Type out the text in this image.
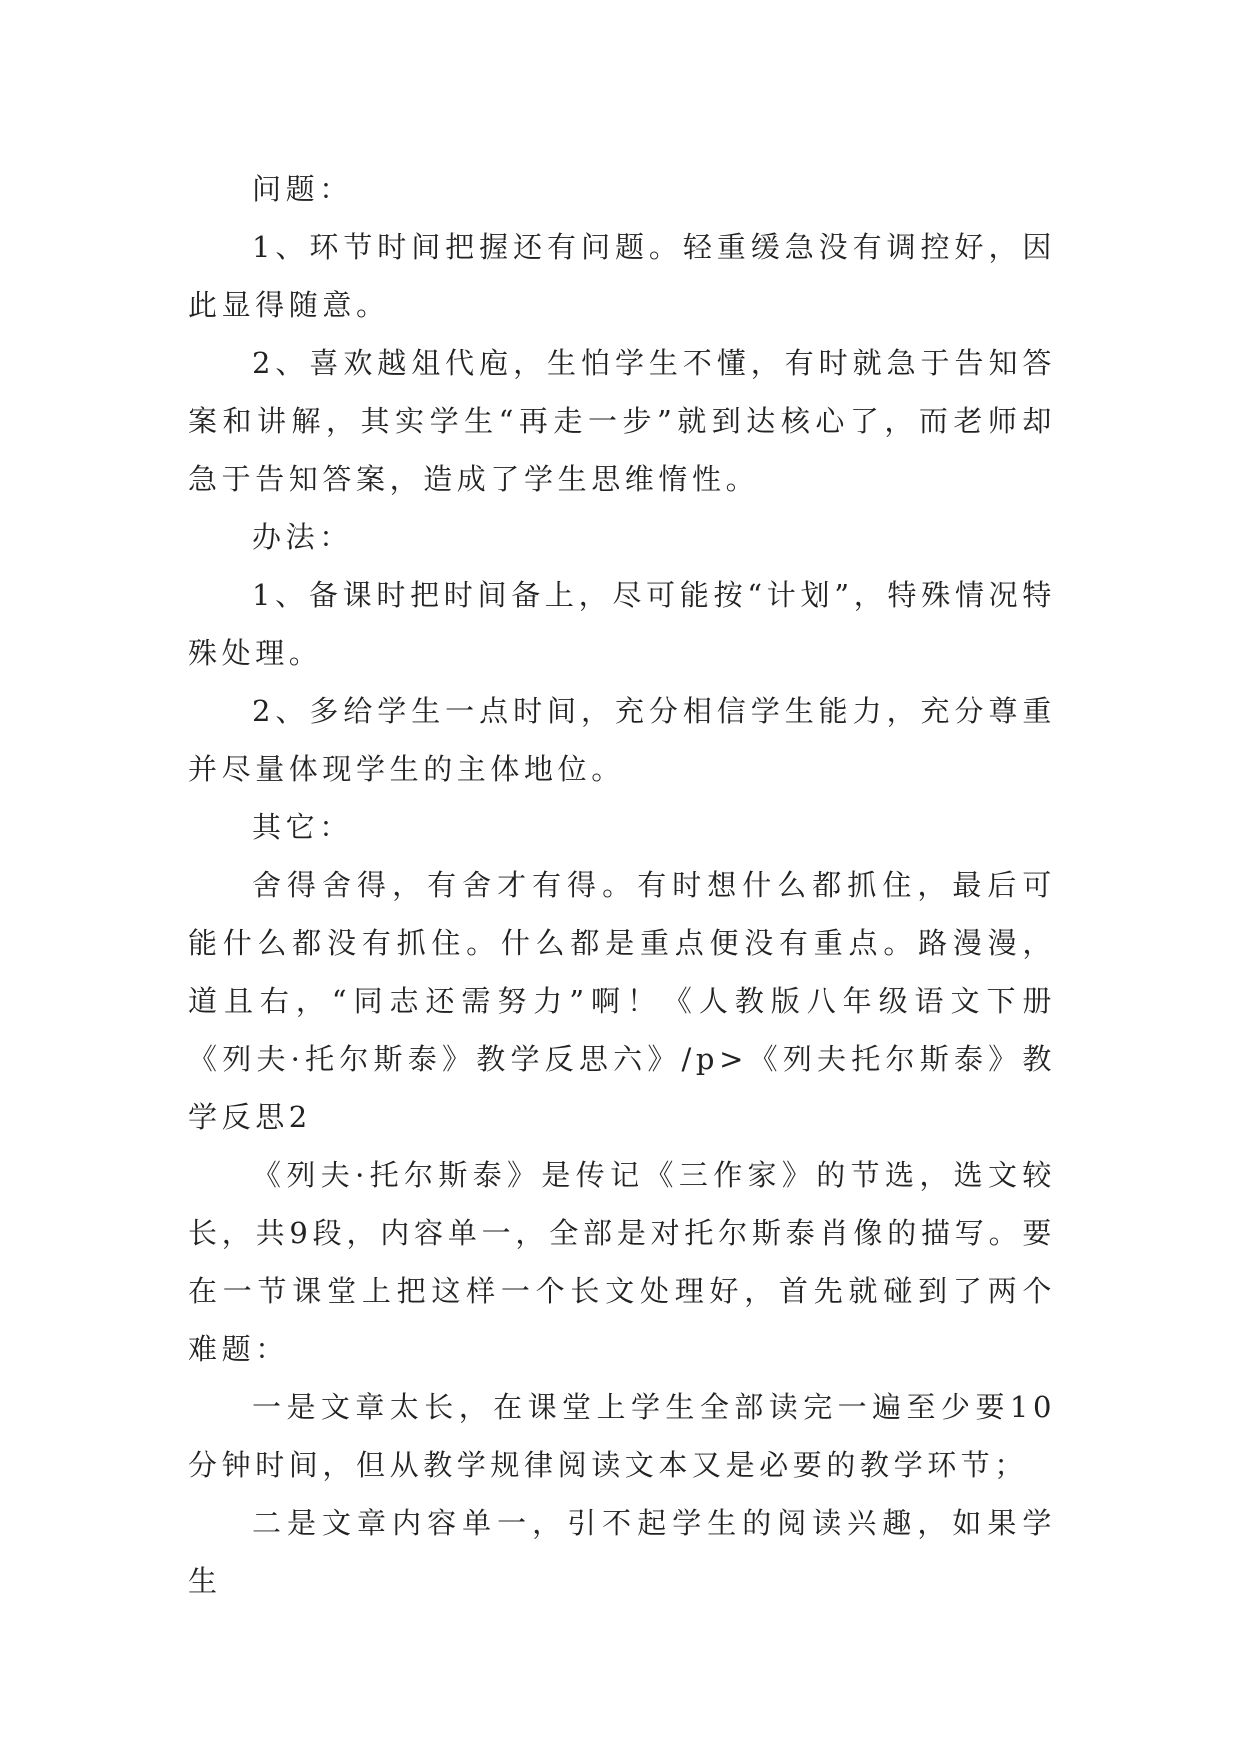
问题：

1、环节时间把握还有问题。轻重缓急没有调控好，因此显得随意。

2、喜欢越俎代庖，生怕学生不懂，有时就急于告知答案和讲解，其实学生“再走一步”就到达核心了，而老师却急于告知答案，造成了学生思维惰性。

办法：

1、备课时把时间备上，尽可能按“计划”，特殊情况特殊处理。

2、多给学生一点时间，充分相信学生能力，充分尊重并尽量体现学生的主体地位。

其它：

舍得舍得，有舍才有得。有时想什么都抓住，最后可能什么都没有抓住。什么都是重点便没有重点。路漫漫，道且右，“同志还需努力”啊！《人教版八年级语文下册《列夫·托尔斯泰》教学反思六》/p>《列夫托尔斯泰》教学反思2

《列夫·托尔斯泰》是传记《三作家》的节选，选文较长，共9段，内容单一，全部是对托尔斯泰肖像的描写。要在一节课堂上把这样一个长文处理好，首先就碰到了两个难题：

一是文章太长，在课堂上学生全部读完一遍至少要10分钟时间，但从教学规律阅读文本又是必要的教学环节；

二是文章内容单一，引不起学生的阅读兴趣，如果学生
